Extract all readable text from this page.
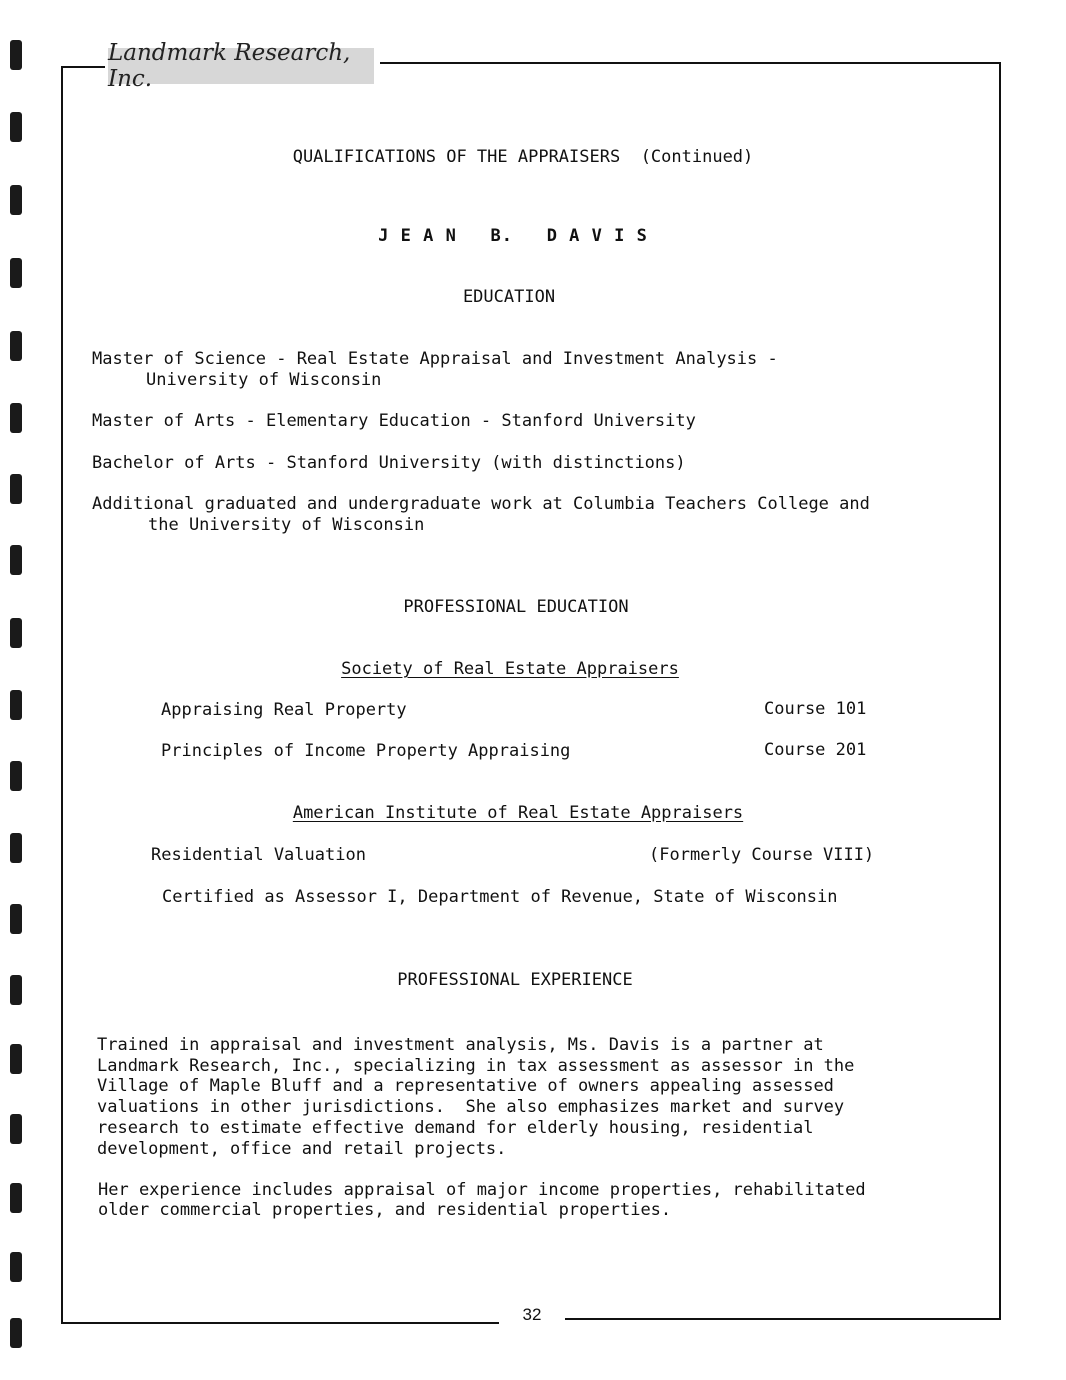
Landmark Research, Inc.
QUALIFICATIONS OF THE APPRAISERS  (Continued)
J E A N   B.   D A V I S
EDUCATION
Master of Science - Real Estate Appraisal and Investment Analysis -
University of Wisconsin
Master of Arts - Elementary Education - Stanford University
Bachelor of Arts - Stanford University (with distinctions)
Additional graduated and undergraduate work at Columbia Teachers College and
the University of Wisconsin
PROFESSIONAL EDUCATION
Society of Real Estate Appraisers
Appraising Real Property	Course 101
Principles of Income Property Appraising	Course 201
American Institute of Real Estate Appraisers
Residential Valuation	(Formerly Course VIII)
Certified as Assessor I, Department of Revenue, State of Wisconsin
PROFESSIONAL EXPERIENCE
Trained in appraisal and investment analysis, Ms. Davis is a partner at
Landmark Research, Inc., specializing in tax assessment as assessor in the
Village of Maple Bluff and a representative of owners appealing assessed
valuations in other jurisdictions.  She also emphasizes market and survey
research to estimate effective demand for elderly housing, residential
development, office and retail projects.
Her experience includes appraisal of major income properties, rehabilitated
older commercial properties, and residential properties.
32
